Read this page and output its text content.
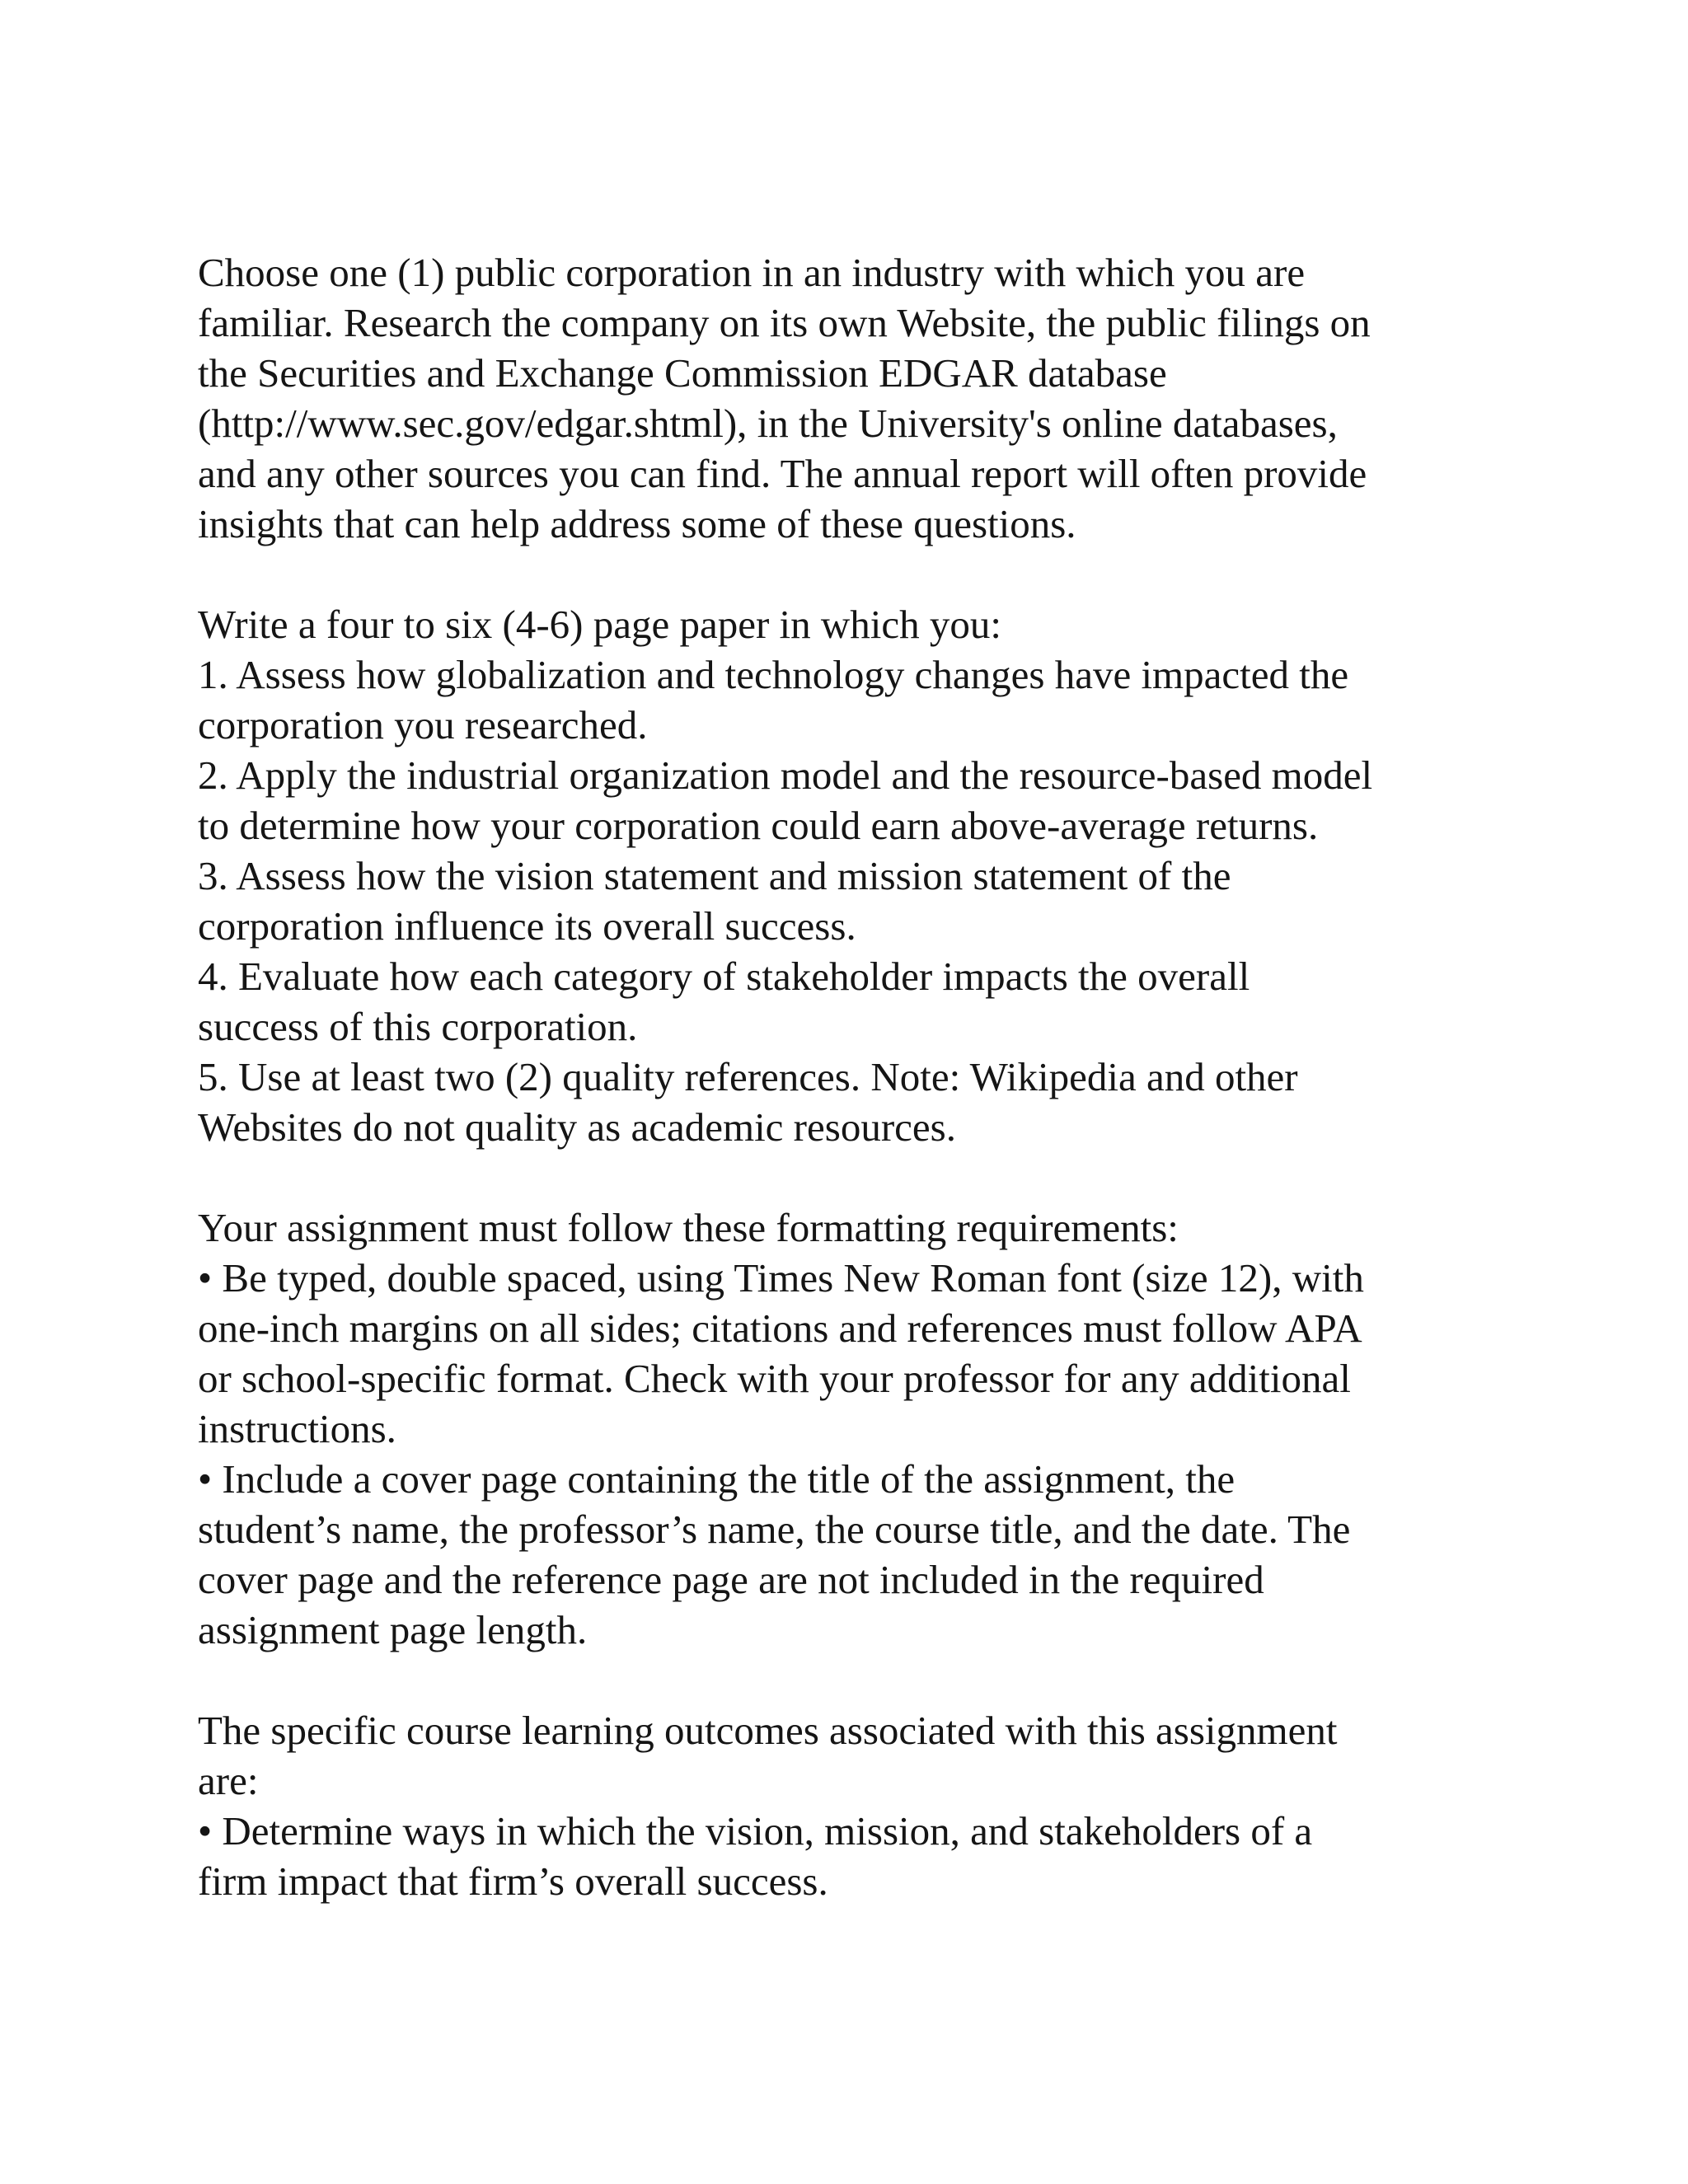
Choose one (1) public corporation in an industry with which you are
familiar. Research the company on its own Website, the public filings on
the Securities and Exchange Commission EDGAR database
(http://www.sec.gov/edgar.shtml), in the University's online databases,
and any other sources you can find. The annual report will often provide
insights that can help address some of these questions.
Write a four to six (4-6) page paper in which you:
1. Assess how globalization and technology changes have impacted the
corporation you researched.
2. Apply the industrial organization model and the resource-based model
to determine how your corporation could earn above-average returns.
3. Assess how the vision statement and mission statement of the
corporation influence its overall success.
4. Evaluate how each category of stakeholder impacts the overall
success of this corporation.
5. Use at least two (2) quality references. Note: Wikipedia and other
Websites do not quality as academic resources.
Your assignment must follow these formatting requirements:
• Be typed, double spaced, using Times New Roman font (size 12), with
one-inch margins on all sides; citations and references must follow APA
or school-specific format. Check with your professor for any additional
instructions.
• Include a cover page containing the title of the assignment, the
student’s name, the professor’s name, the course title, and the date. The
cover page and the reference page are not included in the required
assignment page length.
The specific course learning outcomes associated with this assignment
are:
• Determine ways in which the vision, mission, and stakeholders of a
firm impact that firm’s overall success.
